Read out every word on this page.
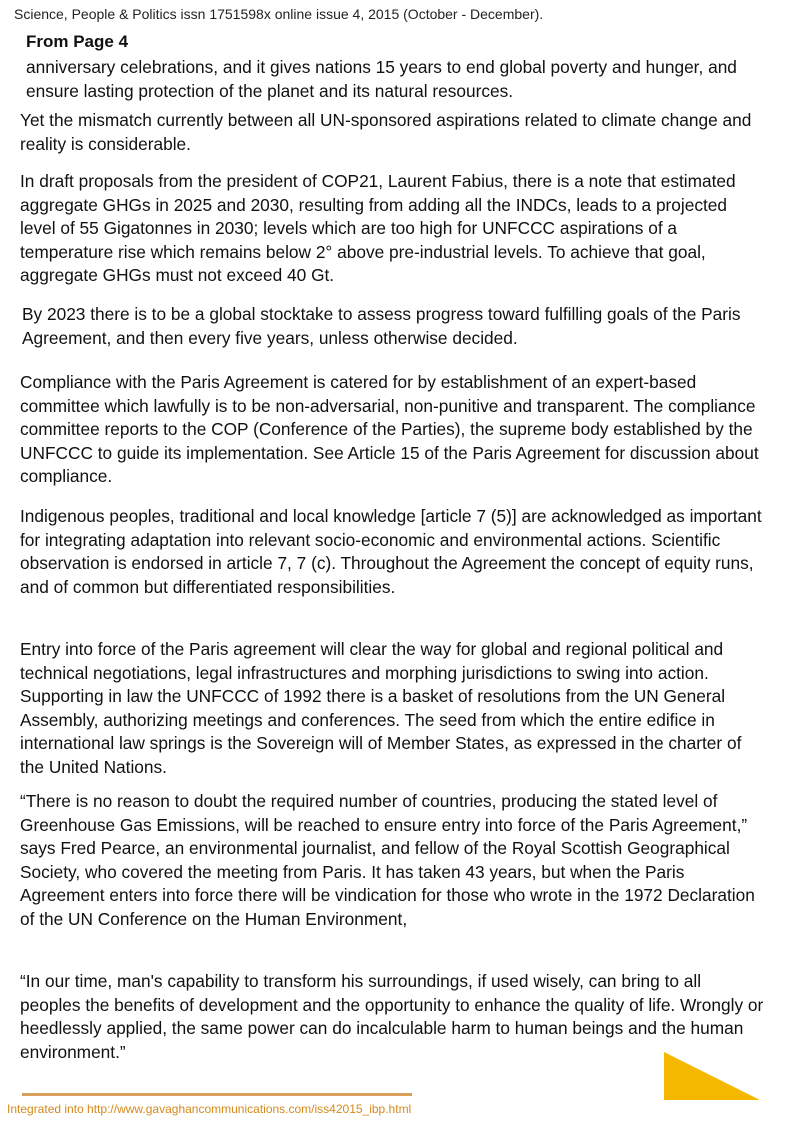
Science, People & Politics issn 1751598x online issue 4, 2015 (October - December).
From Page 4

anniversary celebrations, and it gives nations 15 years to end global poverty and hunger, and ensure lasting protection of the planet and its natural resources.

Yet the mismatch currently between all UN-sponsored aspirations related to climate change and reality is considerable.

In draft proposals from the president of COP21, Laurent Fabius, there is a note that estimated aggregate GHGs in 2025 and 2030, resulting from adding all the INDCs, leads to a projected level of 55 Gigatonnes in 2030; levels which are too high for UNFCCC aspirations of a temperature rise which remains below 2° above pre-industrial levels. To achieve that goal, aggregate GHGs must not exceed 40 Gt.

By 2023 there is to be a global stocktake to assess progress toward fulfilling goals of the Paris Agreement, and then every five years, unless otherwise decided.

Compliance with the Paris Agreement is catered for by establishment of an expert-based committee which lawfully is to be non-adversarial, non-punitive and transparent. The compliance committee reports to the COP (Conference of the Parties), the supreme body established by the UNFCCC to guide its implementation. See Article 15 of the Paris Agreement for discussion about compliance.

Indigenous peoples, traditional and local knowledge [article 7 (5)] are acknowledged as important for integrating adaptation into relevant socio-economic and environmental actions. Scientific observation is endorsed in article 7, 7 (c). Throughout the Agreement the concept of equity runs, and of common but differentiated responsibilities.

Entry into force of the Paris agreement will clear the way for global and regional political and technical negotiations, legal infrastructures and morphing jurisdictions to swing into action. Supporting in law the UNFCCC of 1992 there is a basket of resolutions from the UN General Assembly, authorizing meetings and conferences. The seed from which the entire edifice in international law springs is the Sovereign will of Member States, as expressed in the charter of the United Nations.

“There is no reason to doubt the required number of countries, producing the stated level of Greenhouse Gas Emissions, will be reached to ensure entry into force of the Paris Agreement,” says Fred Pearce, an environmental journalist, and fellow of the Royal Scottish Geographical Society, who covered the meeting from Paris. It has taken 43 years, but when the Paris Agreement enters into force there will be vindication for those who wrote in the 1972 Declaration of the UN Conference on the Human Environment,

“In our time, man's capability to transform his surroundings, if used wisely, can bring to all peoples the benefits of development and the opportunity to enhance the quality of life. Wrongly or heedlessly applied, the same power can do incalculable harm to human beings and the human environment.”

Integrated into http://www.gavaghancommunications.com/iss42015_ibp.html
